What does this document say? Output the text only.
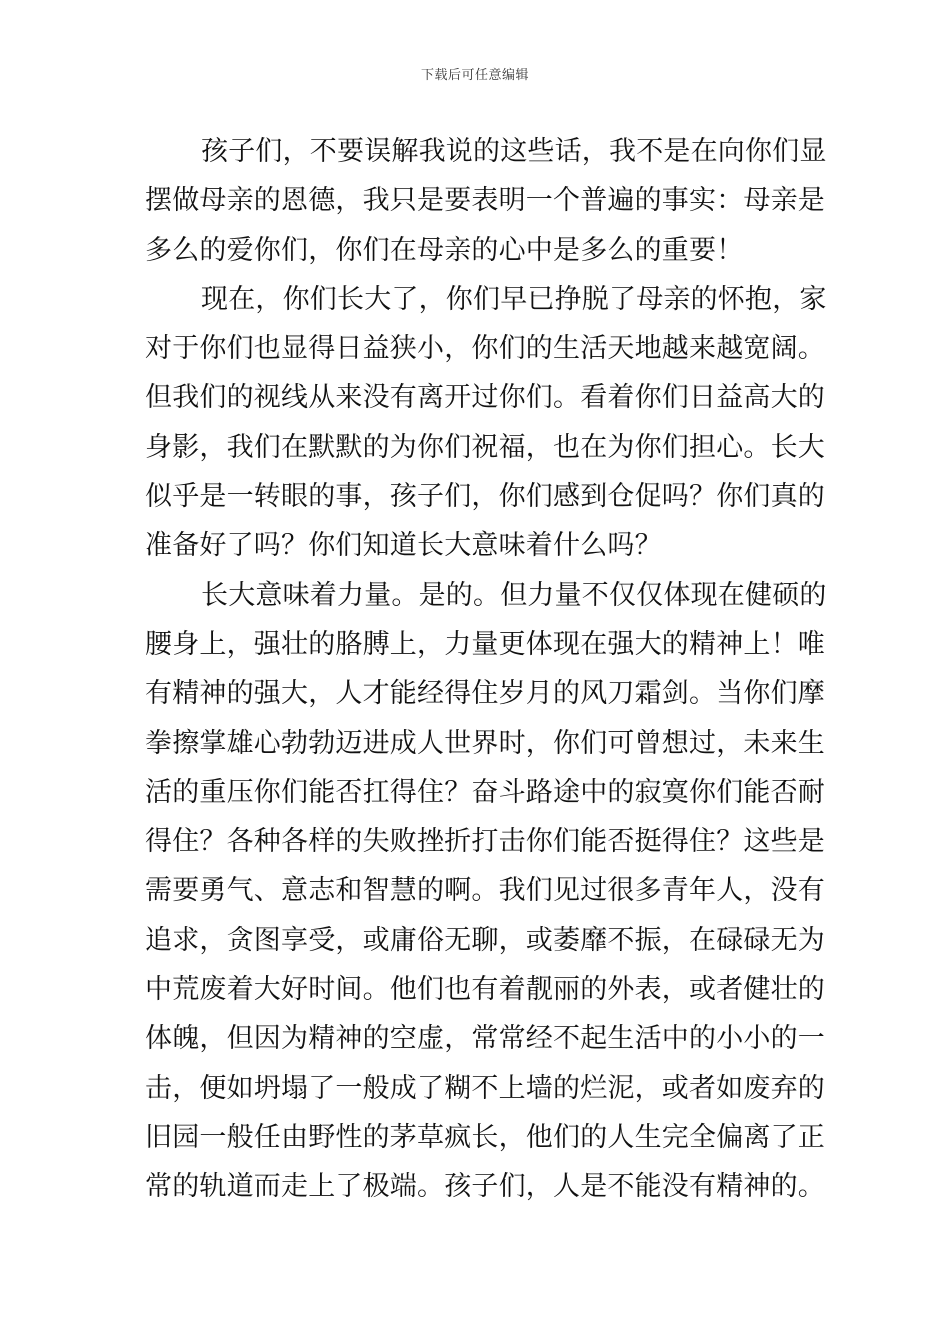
下载后可任意编辑
孩子们，不要误解我说的这些话，我不是在向你们显
摆做母亲的恩德，我只是要表明一个普遍的事实：母亲是
多么的爱你们，你们在母亲的心中是多么的重要！
现在，你们长大了，你们早已挣脱了母亲的怀抱，家
对于你们也显得日益狭小，你们的生活天地越来越宽阔。
但我们的视线从来没有离开过你们。看着你们日益高大的
身影，我们在默默的为你们祝福，也在为你们担心。长大
似乎是一转眼的事，孩子们，你们感到仓促吗？你们真的
准备好了吗？你们知道长大意味着什么吗？
长大意味着力量。是的。但力量不仅仅体现在健硕的
腰身上，强壮的胳膊上，力量更体现在强大的精神上！唯
有精神的强大，人才能经得住岁月的风刀霜剑。当你们摩
拳擦掌雄心勃勃迈进成人世界时，你们可曾想过，未来生
活的重压你们能否扛得住？奋斗路途中的寂寞你们能否耐
得住？各种各样的失败挫折打击你们能否挺得住？这些是
需要勇气、意志和智慧的啊。我们见过很多青年人，没有
追求，贪图享受，或庸俗无聊，或萎靡不振，在碌碌无为
中荒废着大好时间。他们也有着靓丽的外表，或者健壮的
体魄，但因为精神的空虚，常常经不起生活中的小小的一
击，便如坍塌了一般成了糊不上墙的烂泥，或者如废弃的
旧园一般任由野性的茅草疯长，他们的人生完全偏离了正
常的轨道而走上了极端。孩子们，人是不能没有精神的。
